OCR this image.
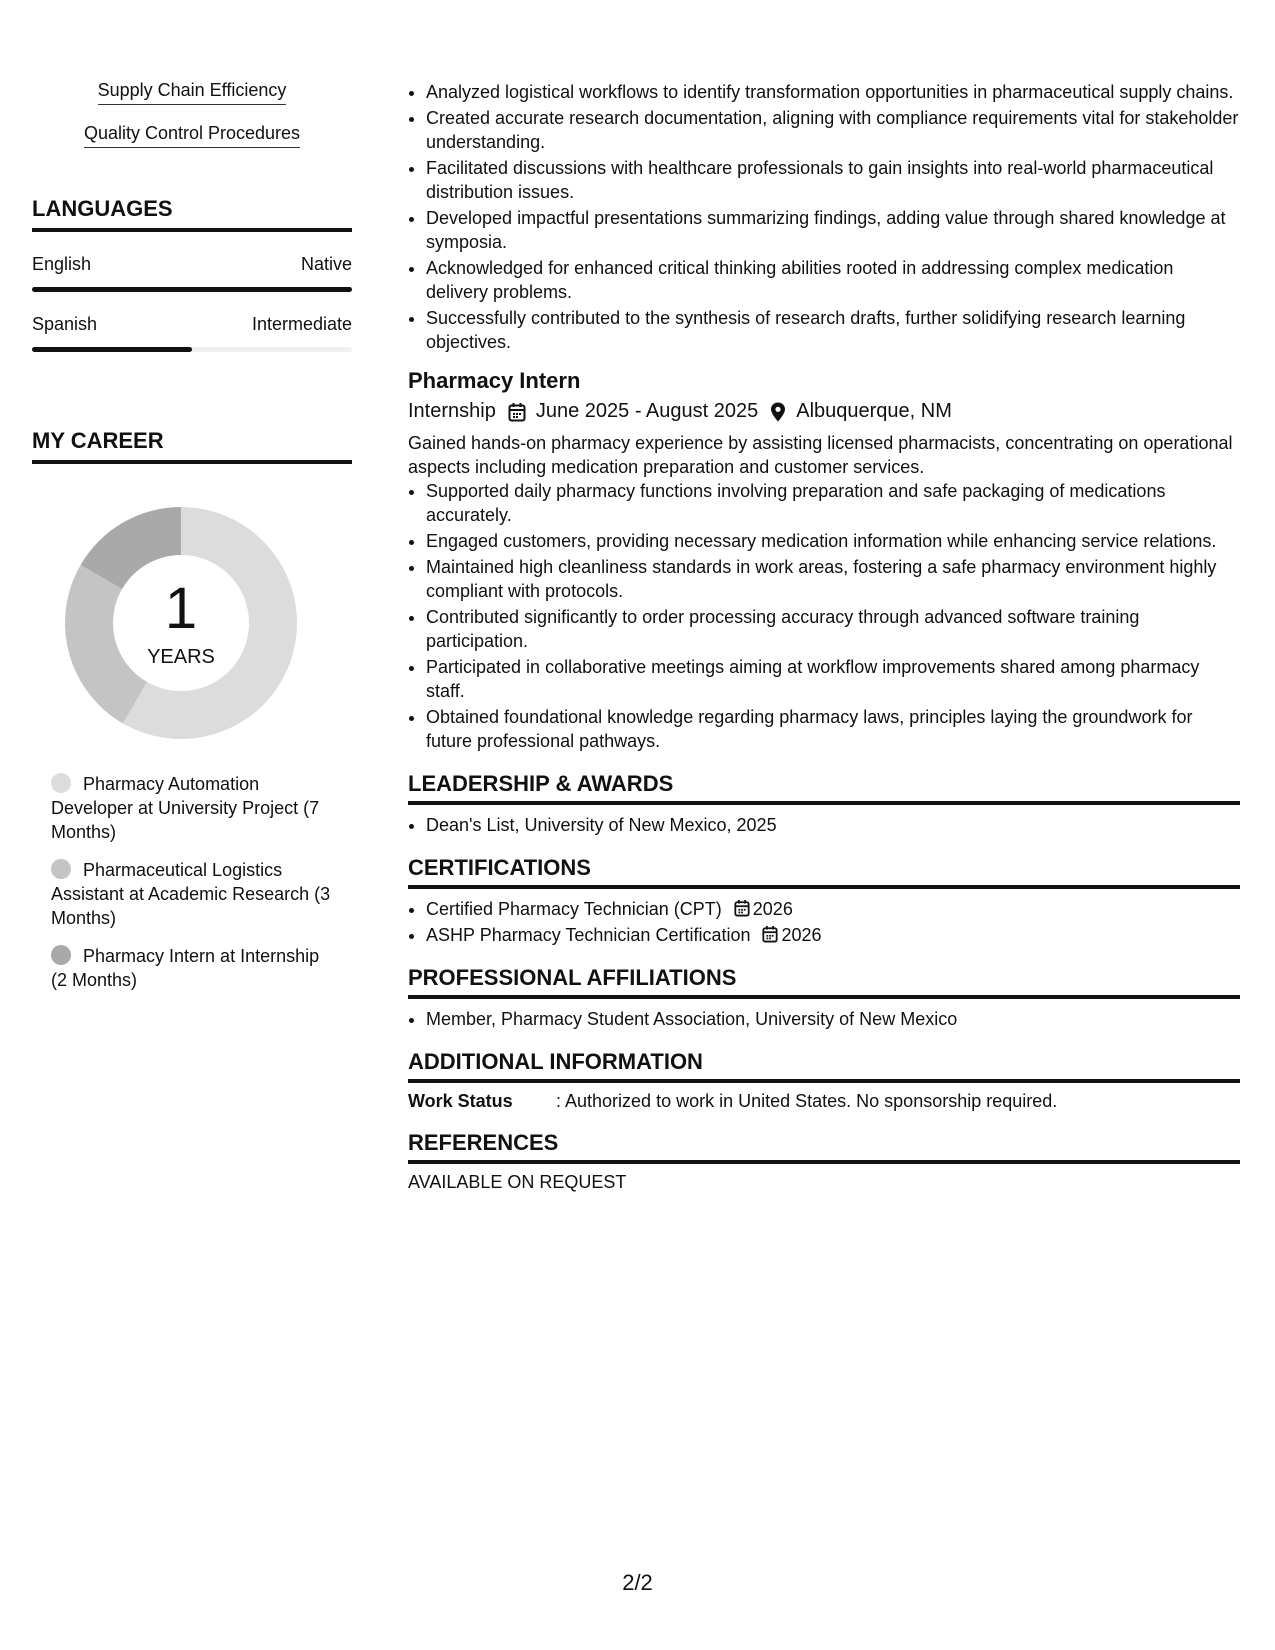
Supply Chain Efficiency
Quality Control Procedures
LANGUAGES
English	Native
Spanish	Intermediate
MY CAREER
1
YEARS
Pharmacy Automation Developer at University Project (7 Months)
Pharmaceutical Logistics Assistant at Academic Research (3 Months)
Pharmacy Intern at Internship (2 Months)
• Analyzed logistical workflows to identify transformation opportunities in pharmaceutical supply chains.
• Created accurate research documentation, aligning with compliance requirements vital for stakeholder understanding.
• Facilitated discussions with healthcare professionals to gain insights into real-world pharmaceutical distribution issues.
• Developed impactful presentations summarizing findings, adding value through shared knowledge at symposia.
• Acknowledged for enhanced critical thinking abilities rooted in addressing complex medication delivery problems.
• Successfully contributed to the synthesis of research drafts, further solidifying research learning objectives.
Pharmacy Intern
Internship June 2025 - August 2025 Albuquerque, NM
Gained hands-on pharmacy experience by assisting licensed pharmacists, concentrating on operational aspects including medication preparation and customer services.
• Supported daily pharmacy functions involving preparation and safe packaging of medications accurately.
• Engaged customers, providing necessary medication information while enhancing service relations.
• Maintained high cleanliness standards in work areas, fostering a safe pharmacy environment highly compliant with protocols.
• Contributed significantly to order processing accuracy through advanced software training participation.
• Participated in collaborative meetings aiming at workflow improvements shared among pharmacy staff.
• Obtained foundational knowledge regarding pharmacy laws, principles laying the groundwork for future professional pathways.
LEADERSHIP & AWARDS
• Dean's List, University of New Mexico, 2025
CERTIFICATIONS
• Certified Pharmacy Technician (CPT) 2026
• ASHP Pharmacy Technician Certification 2026
PROFESSIONAL AFFILIATIONS
• Member, Pharmacy Student Association, University of New Mexico
ADDITIONAL INFORMATION
Work Status	: Authorized to work in United States. No sponsorship required.
REFERENCES
AVAILABLE ON REQUEST
2/2
